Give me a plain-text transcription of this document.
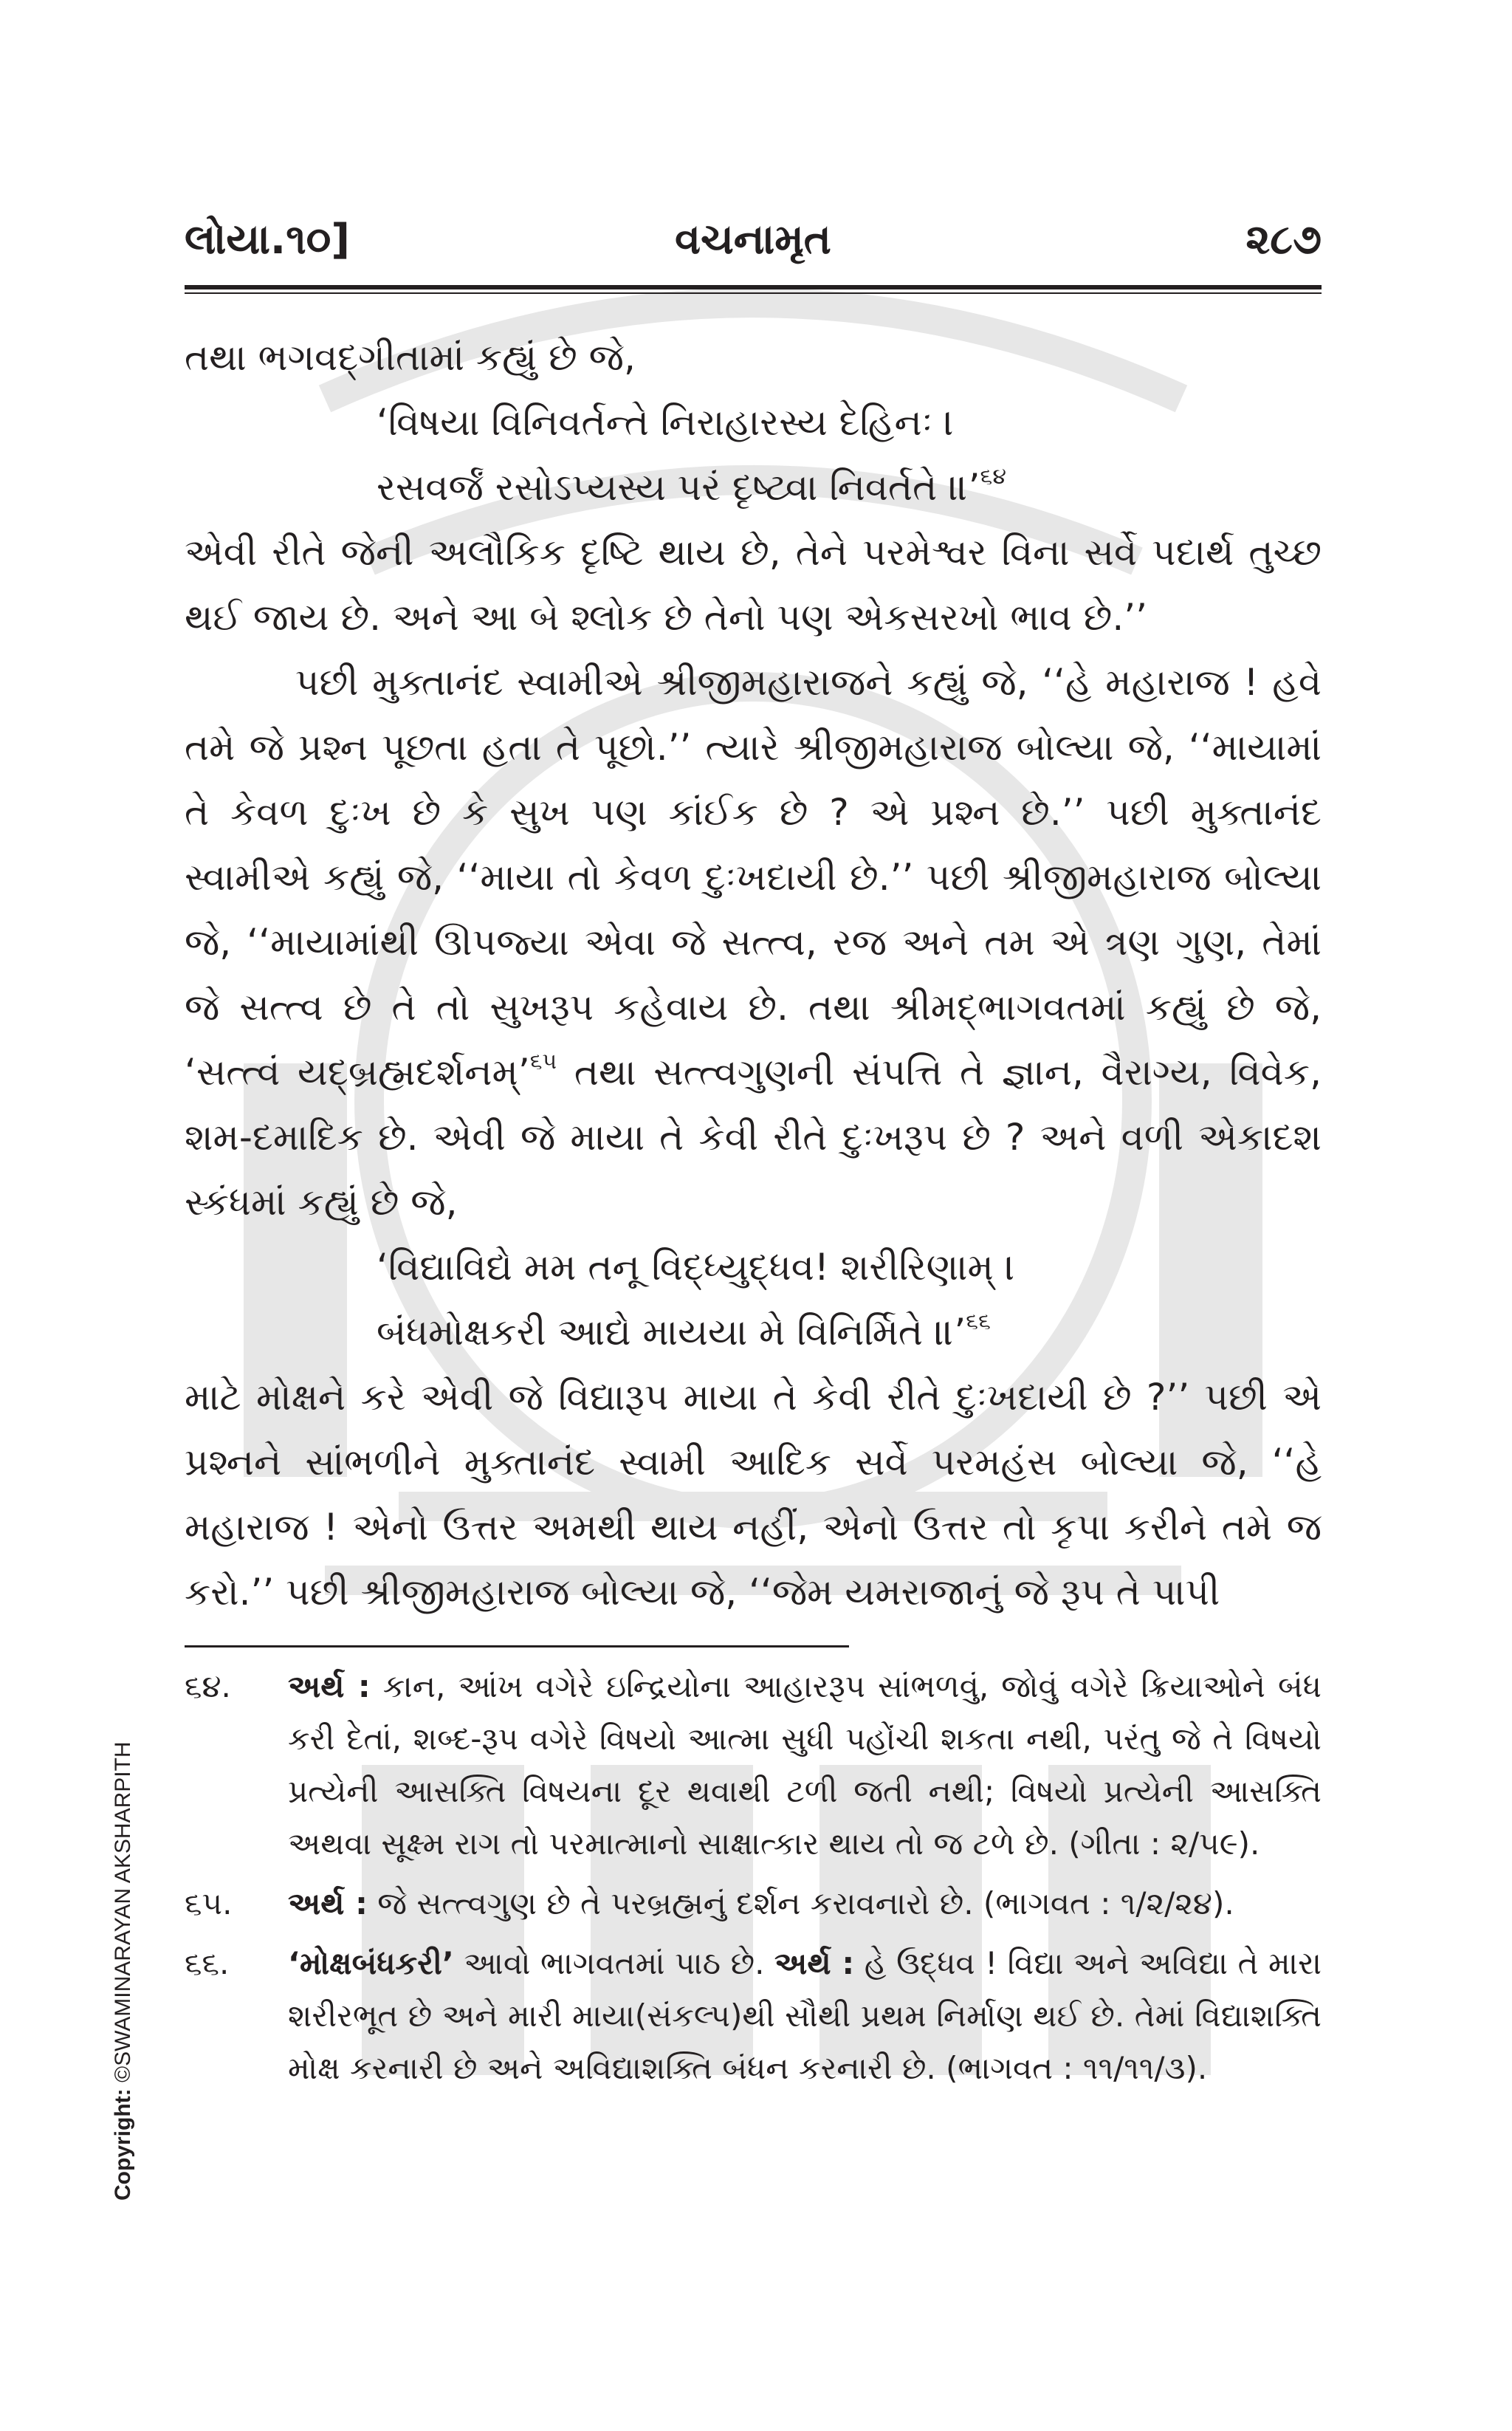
લોયા.૧૦]	વચનામૃત	૨૮૭

તથા ભગવદ્‌ગીતામાં કહ્યું છે જે,

‘વિષયા વિનિવર્તન્તે નિરાહારસ્ય દેહિનઃ ।

રસવર્જં રસોઽપ્યસ્ય પરં દૃષ્ટ્વા નિવર્તતે ॥’$^{૬૪}$

એવી રીતે જેની અલૌકિક દૃષ્ટિ થાય છે, તેને પરમેશ્વર વિના સર્વે પદાર્થ તુચ્છ થઈ જાય છે. અને આ બે શ્લોક છે તેનો પણ એકસરખો ભાવ છે.’’

પછી મુક્તાનંદ સ્વામીએ શ્રીજીમહારાજને કહ્યું જે, ‘‘હે મહારાજ ! હવે તમે જે પ્રશ્ન પૂછતા હતા તે પૂછો.’’ ત્યારે શ્રીજીમહારાજ બોલ્યા જે, ‘‘માયામાં તે કેવળ દુઃખ છે કે સુખ પણ કાંઈક છે ? એ પ્રશ્ન છે.’’ પછી મુક્તાનંદ સ્વામીએ કહ્યું જે, ‘‘માયા તો કેવળ દુઃખદાયી છે.’’ પછી શ્રીજીમહારાજ બોલ્યા જે, ‘‘માયામાંથી ઊપજ્યા એવા જે સત્ત્વ, રજ અને તમ એ ત્રણ ગુણ, તેમાં જે સત્ત્વ છે તે તો સુખરૂપ કહેવાય છે. તથા શ્રીમદ્‌ભાગવતમાં કહ્યું છે જે, ‘સત્ત્વં યદ્‌બ્રહ્મદર્શનમ્’$^{૬૫}$ તથા સત્ત્વગુણની સંપત્તિ તે જ્ઞાન, વૈરાગ્ય, વિવેક, શમ-દમાદિક છે. એવી જે માયા તે કેવી રીતે દુઃખરૂપ છે ? અને વળી એકાદશ સ્કંધમાં કહ્યું છે જે,

‘વિદ્યાવિદ્યે મમ તનૂ વિદ્ધ્યુદ્ધવ! શરીરિણામ્ ।

બંધમોક્ષકરી આદ્યે માયયા મે વિનિર્મિતે ॥’$^{૬૬}$

માટે મોક્ષને કરે એવી જે વિદ્યારૂપ માયા તે કેવી રીતે દુઃખદાયી છે ?’’ પછી એ પ્રશ્નને સાંભળીને મુક્તાનંદ સ્વામી આદિક સર્વે પરમહંસ બોલ્યા જે, ‘‘હે મહારાજ ! એનો ઉત્તર અમથી થાય નહીં, એનો ઉત્તર તો કૃપા કરીને તમે જ કરો.’’ પછી શ્રીજીમહારાજ બોલ્યા જે, ‘‘જેમ યમરાજાનું જે રૂપ તે પાપી

૬૪. અર્થ : કાન, આંખ વગેરે ઇન્દ્રિયોના આહારરૂપ સાંભળવું, જોવું વગેરે ક્રિયાઓને બંધ કરી દેતાં, શબ્દ-રૂપ વગેરે વિષયો આત્મા સુધી પહોંચી શકતા નથી, પરંતુ જે તે વિષયો પ્રત્યેની આસક્તિ વિષયના દૂર થવાથી ટળી જતી નથી; વિષયો પ્રત્યેની આસક્તિ અથવા સૂક્ષ્મ રાગ તો પરમાત્માનો સાક્ષાત્કાર થાય તો જ ટળે છે. (ગીતા : ૨/૫૯).
૬૫. અર્થ : જે સત્ત્વગુણ છે તે પરબ્રહ્મનું દર્શન કરાવનારો છે. (ભાગવત : ૧/૨/૨૪).
૬૬. ‘મોક્ષબંધકરી’ આવો ભાગવતમાં પાઠ છે. અર્થ : હે ઉદ્ધવ ! વિદ્યા અને અવિદ્યા તે મારા શરીરભૂત છે અને મારી માયા(સંકલ્પ)થી સૌથી પ્રથમ નિર્માણ થઈ છે. તેમાં વિદ્યાશક્તિ મોક્ષ કરનારી છે અને અવિદ્યાશક્તિ બંધન કરનારી છે. (ભાગવત : ૧૧/૧૧/૩).
Copyright: ©SWAMINARAYAN AKSHARPITH
